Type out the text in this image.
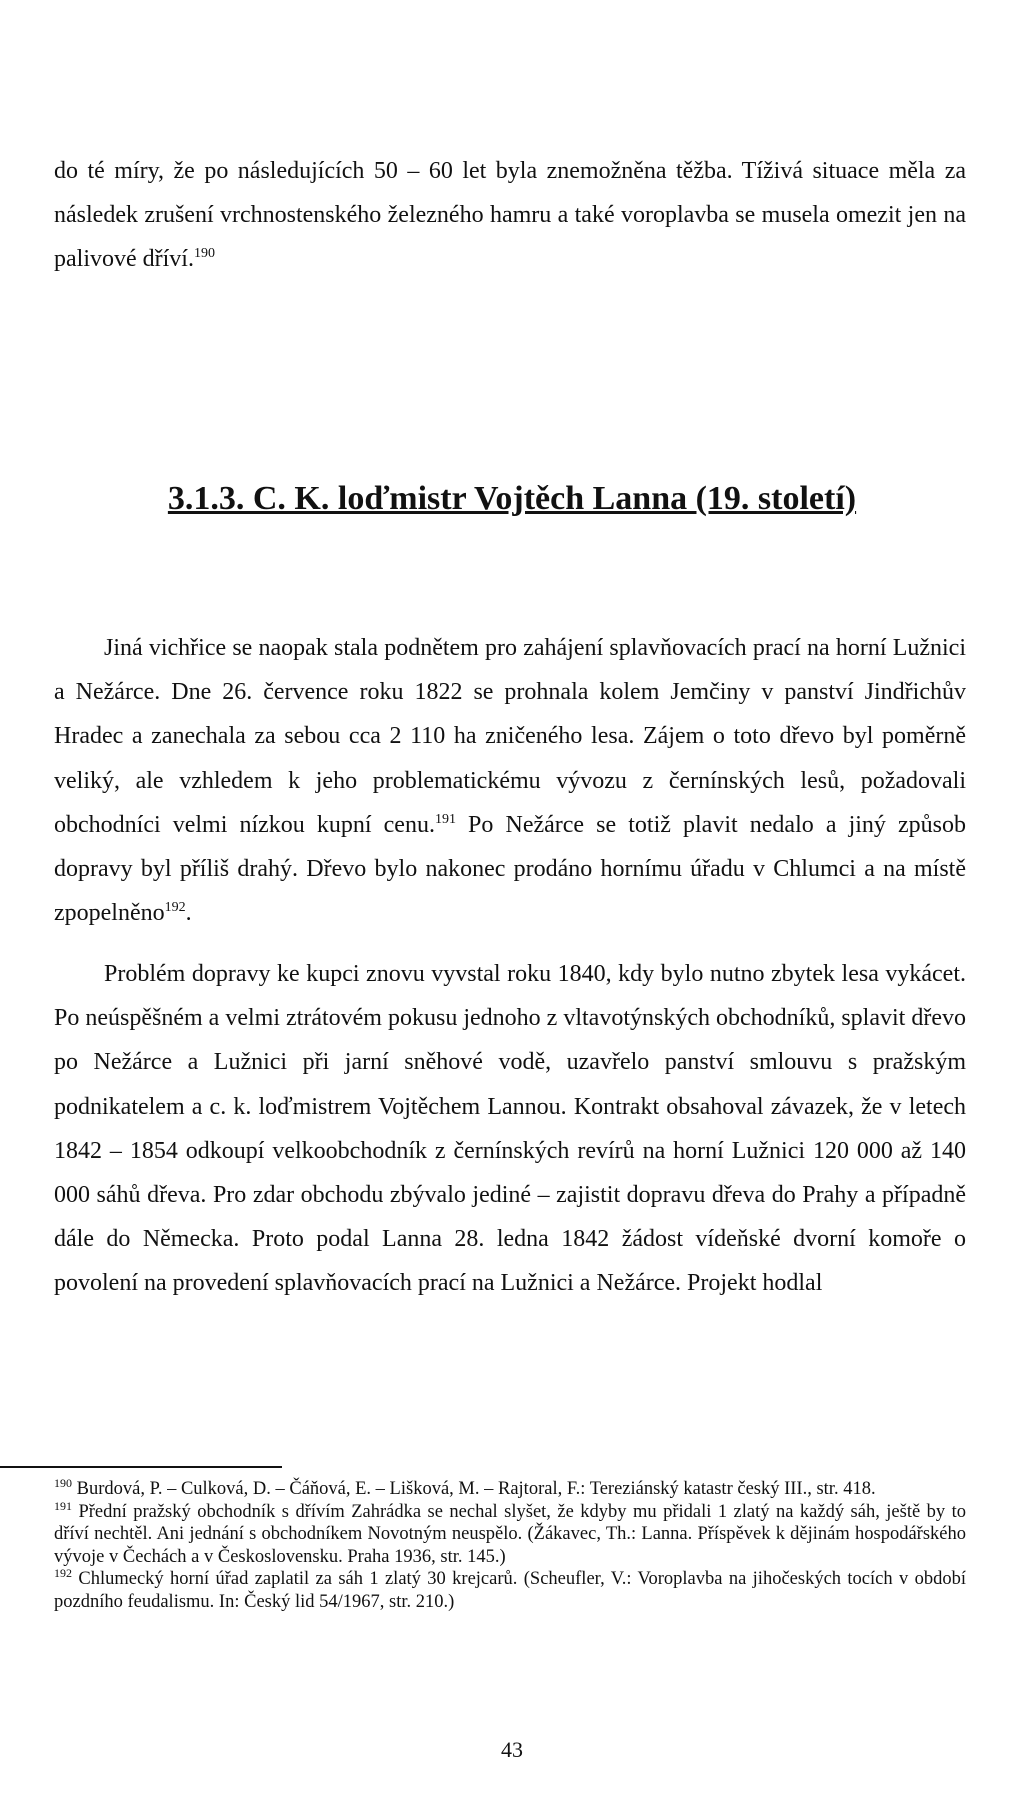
do té míry, že po následujících 50 – 60 let byla znemožněna těžba. Tíživá situace měla za následek zrušení vrchnostenského železného hamru a také voroplavba se musela omezit jen na palivové dříví.$^{190}$

3.1.3. C. K. loďmistr Vojtěch Lanna (19. století)

Jiná vichřice se naopak stala podnětem pro zahájení splavňovacích prací na horní Lužnici a Nežárce. Dne 26. července roku 1822 se prohnala kolem Jemčiny v panství Jindřichův Hradec a zanechala za sebou cca 2 110 ha zničeného lesa. Zájem o toto dřevo byl poměrně veliký, ale vzhledem k jeho problematickému vývozu z černínských lesů, požadovali obchodníci velmi nízkou kupní cenu.$^{191}$ Po Nežárce se totiž plavit nedalo a jiný způsob dopravy byl příliš drahý. Dřevo bylo nakonec prodáno hornímu úřadu v Chlumci a na místě zpopelněno$^{192}$.

Problém dopravy ke kupci znovu vyvstal roku 1840, kdy bylo nutno zbytek lesa vykácet. Po neúspěšném a velmi ztrátovém pokusu jednoho z vltavotýnských obchodníků, splavit dřevo po Nežárce a Lužnici při jarní sněhové vodě, uzavřelo panství smlouvu s pražským podnikatelem a c. k. loďmistrem Vojtěchem Lannou. Kontrakt obsahoval závazek, že v letech 1842 – 1854 odkoupí velkoobchodník z černínských revírů na horní Lužnici 120 000 až 140 000 sáhů dřeva. Pro zdar obchodu zbývalo jediné – zajistit dopravu dřeva do Prahy a případně dále do Německa. Proto podal Lanna 28. ledna 1842 žádost vídeňské dvorní komoře o povolení na provedení splavňovacích prací na Lužnici a Nežárce. Projekt hodlal

$^{190}$ Burdová, P. – Culková, D. – Čáňová, E. – Lišková, M. – Rajtoral, F.: Tereziánský katastr český III., str. 418.

$^{191}$ Přední pražský obchodník s dřívím Zahrádka se nechal slyšet, že kdyby mu přidali 1 zlatý na každý sáh, ještě by to dříví nechtěl. Ani jednání s obchodníkem Novotným neuspělo. (Žákavec, Th.: Lanna. Příspěvek k dějinám hospodářského vývoje v Čechách a v Československu. Praha 1936, str. 145.)

$^{192}$ Chlumecký horní úřad zaplatil za sáh 1 zlatý 30 krejcarů. (Scheufler, V.: Voroplavba na jihočeských tocích v období pozdního feudalismu. In: Český lid 54/1967, str. 210.)

43
